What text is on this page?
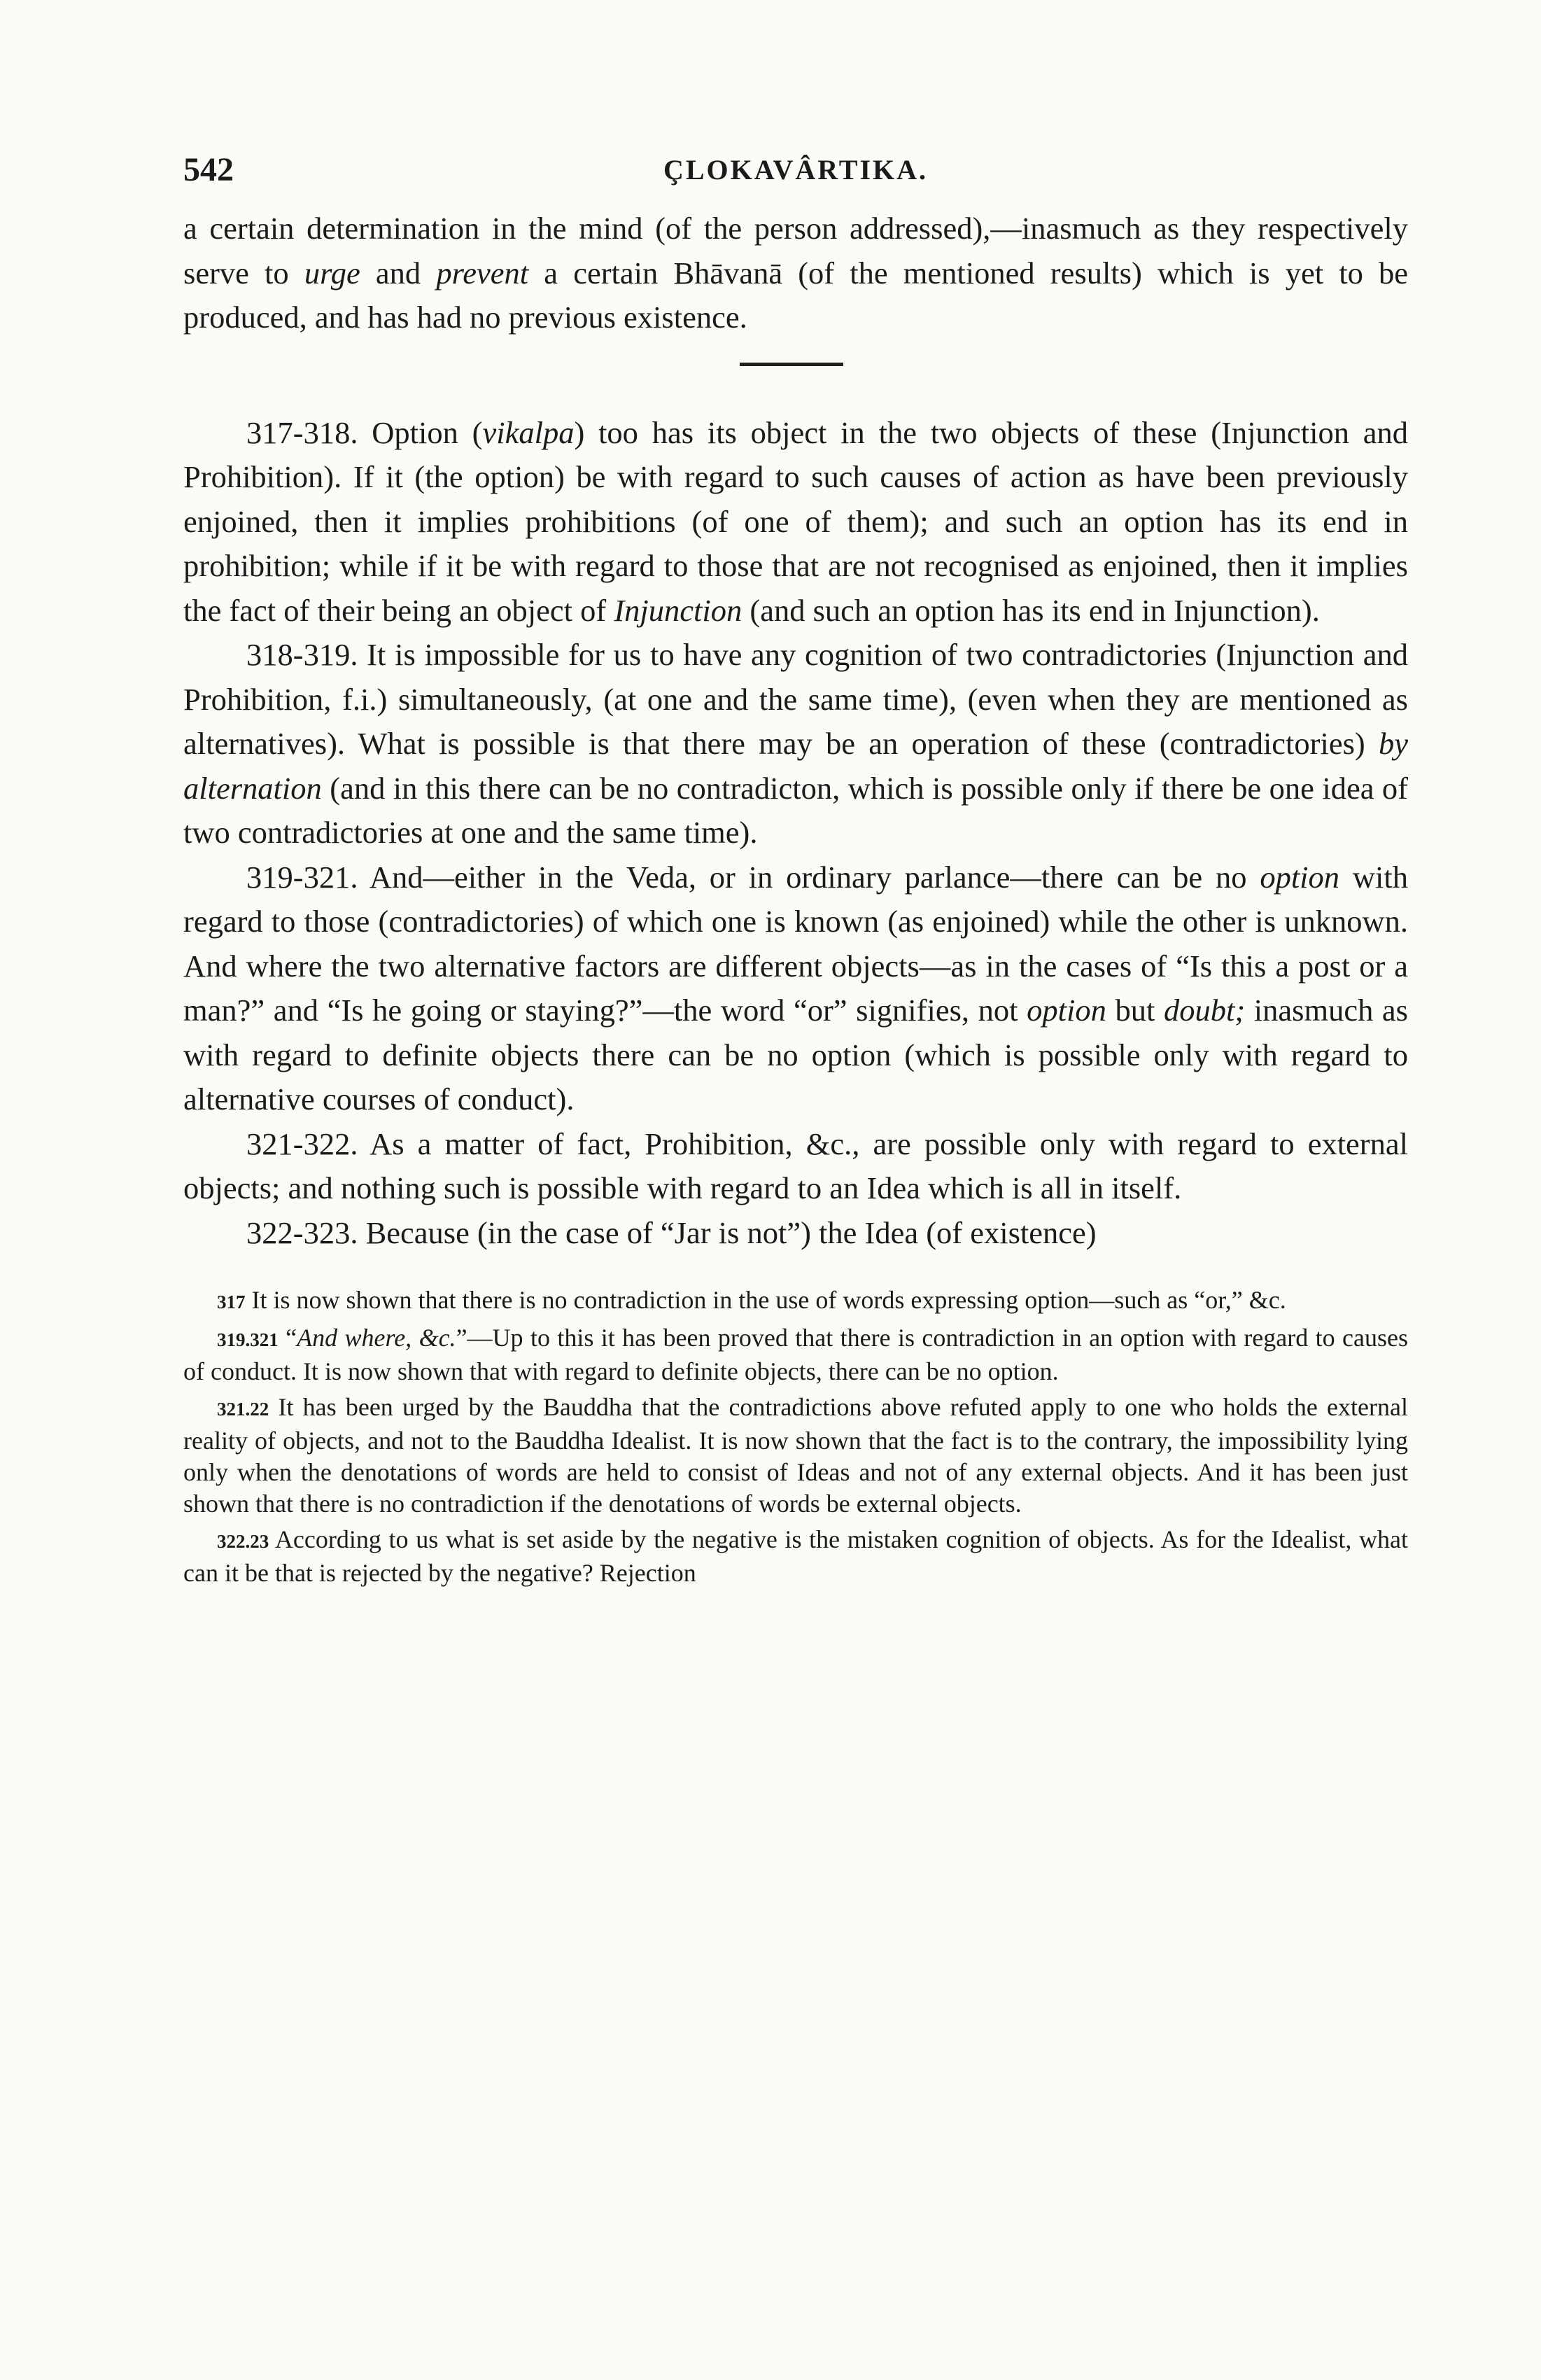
542	ÇLOKAVÂRTIKA.

a certain determination in the mind (of the person addressed),—inasmuch as they respectively serve to urge and prevent a certain Bhāvanā (of the mentioned results) which is yet to be produced, and has had no previous existence.

317-318. Option (vikalpa) too has its object in the two objects of these (Injunction and Prohibition). If it (the option) be with regard to such causes of action as have been previously enjoined, then it implies prohibitions (of one of them); and such an option has its end in prohibition; while if it be with regard to those that are not recognised as enjoined, then it implies the fact of their being an object of Injunction (and such an option has its end in Injunction).

318-319. It is impossible for us to have any cognition of two contradictories (Injunction and Prohibition, f.i.) simultaneously, (at one and the same time), (even when they are mentioned as alternatives). What is possible is that there may be an operation of these (contradictories) by alternation (and in this there can be no contradicton, which is possible only if there be one idea of two contradictories at one and the same time).

319-321. And—either in the Veda, or in ordinary parlance—there can be no option with regard to those (contradictories) of which one is known (as enjoined) while the other is unknown. And where the two alternative factors are different objects—as in the cases of “Is this a post or a man?” and “Is he going or staying?”—the word “or” signifies, not option but doubt; inasmuch as with regard to definite objects there can be no option (which is possible only with regard to alternative courses of conduct).

321-322. As a matter of fact, Prohibition, &c., are possible only with regard to external objects; and nothing such is possible with regard to an Idea which is all in itself.

322-323. Because (in the case of “Jar is not”) the Idea (of existence)

317 It is now shown that there is no contradiction in the use of words expressing option—such as “or,” &c.

319.321 “And where, &c.”—Up to this it has been proved that there is contradiction in an option with regard to causes of conduct. It is now shown that with regard to definite objects, there can be no option.

321.22 It has been urged by the Bauddha that the contradictions above refuted apply to one who holds the external reality of objects, and not to the Bauddha Idealist. It is now shown that the fact is to the contrary, the impossibility lying only when the denotations of words are held to consist of Ideas and not of any external objects. And it has been just shown that there is no contradiction if the denotations of words be external objects.

322.23 According to us what is set aside by the negative is the mistaken cognition of objects. As for the Idealist, what can it be that is rejected by the negative? Rejection
